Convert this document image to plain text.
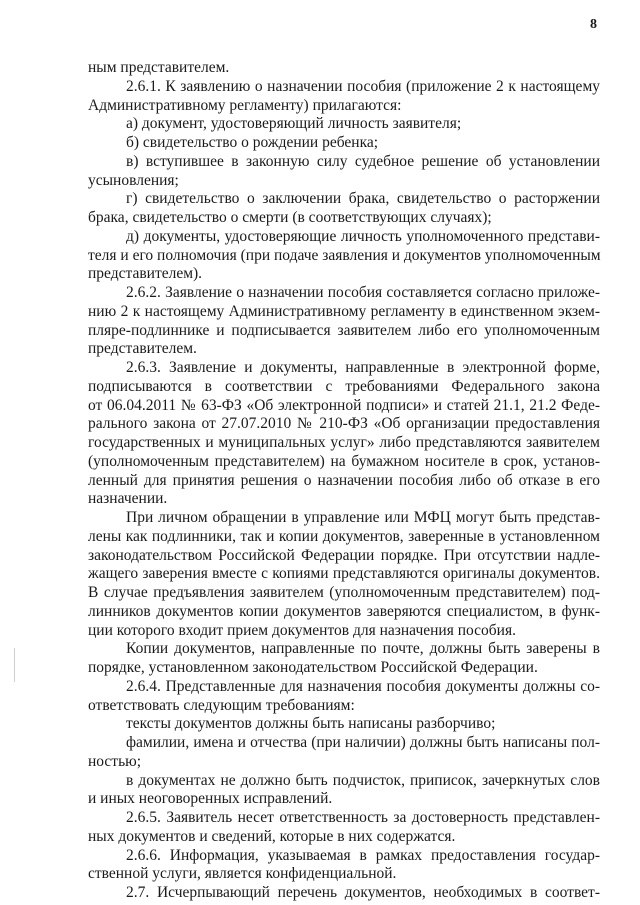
8

ным представителем.

2.6.1. К заявлению о назначении пособия (приложение 2 к настоящему

Административному регламенту) прилагаются:

а) документ, удостоверяющий личность заявителя;

б) свидетельство о рождении ребенка;

в) вступившее в законную силу судебное решение об установлении

усыновления;

г) свидетельство о заключении брака, свидетельство о расторжении

брака, свидетельство о смерти (в соответствующих случаях);

д) документы, удостоверяющие личность уполномоченного представи-

теля и его полномочия (при подаче заявления и документов уполномоченным

представителем).

2.6.2. Заявление о назначении пособия составляется согласно приложе-

нию 2 к настоящему Административному регламенту в единственном экзем-

пляре-подлиннике и подписывается заявителем либо его уполномоченным

представителем.

2.6.3. Заявление и документы, направленные в электронной форме,

подписываются в соответствии с требованиями Федерального закона

от 06.04.2011 № 63-ФЗ «Об электронной подписи» и статей 21.1, 21.2 Феде-

рального закона от 27.07.2010 № 210-ФЗ «Об организации предоставления

государственных и муниципальных услуг» либо представляются заявителем

(уполномоченным представителем) на бумажном носителе в срок, установ-

ленный для принятия решения о назначении пособия либо об отказе в его

назначении.

При личном обращении в управление или МФЦ могут быть представ-

лены как подлинники, так и копии документов, заверенные в установленном

законодательством Российской Федерации порядке. При отсутствии надле-

жащего заверения вместе с копиями представляются оригиналы документов.

В случае предъявления заявителем (уполномоченным представителем) под-

линников документов копии документов заверяются специалистом, в функ-

ции которого входит прием документов для назначения пособия.

Копии документов, направленные по почте, должны быть заверены в

порядке, установленном законодательством Российской Федерации.

2.6.4. Представленные для назначения пособия документы должны со-

ответствовать следующим требованиям:

тексты документов должны быть написаны разборчиво;

фамилии, имена и отчества (при наличии) должны быть написаны пол-

ностью;

в документах не должно быть подчисток, приписок, зачеркнутых слов

и иных неоговоренных исправлений.

2.6.5. Заявитель несет ответственность за достоверность представлен-

ных документов и сведений, которые в них содержатся.

2.6.6. Информация, указываемая в рамках предоставления государ-

ственной услуги, является конфиденциальной.

2.7. Исчерпывающий перечень документов, необходимых в соответ-
